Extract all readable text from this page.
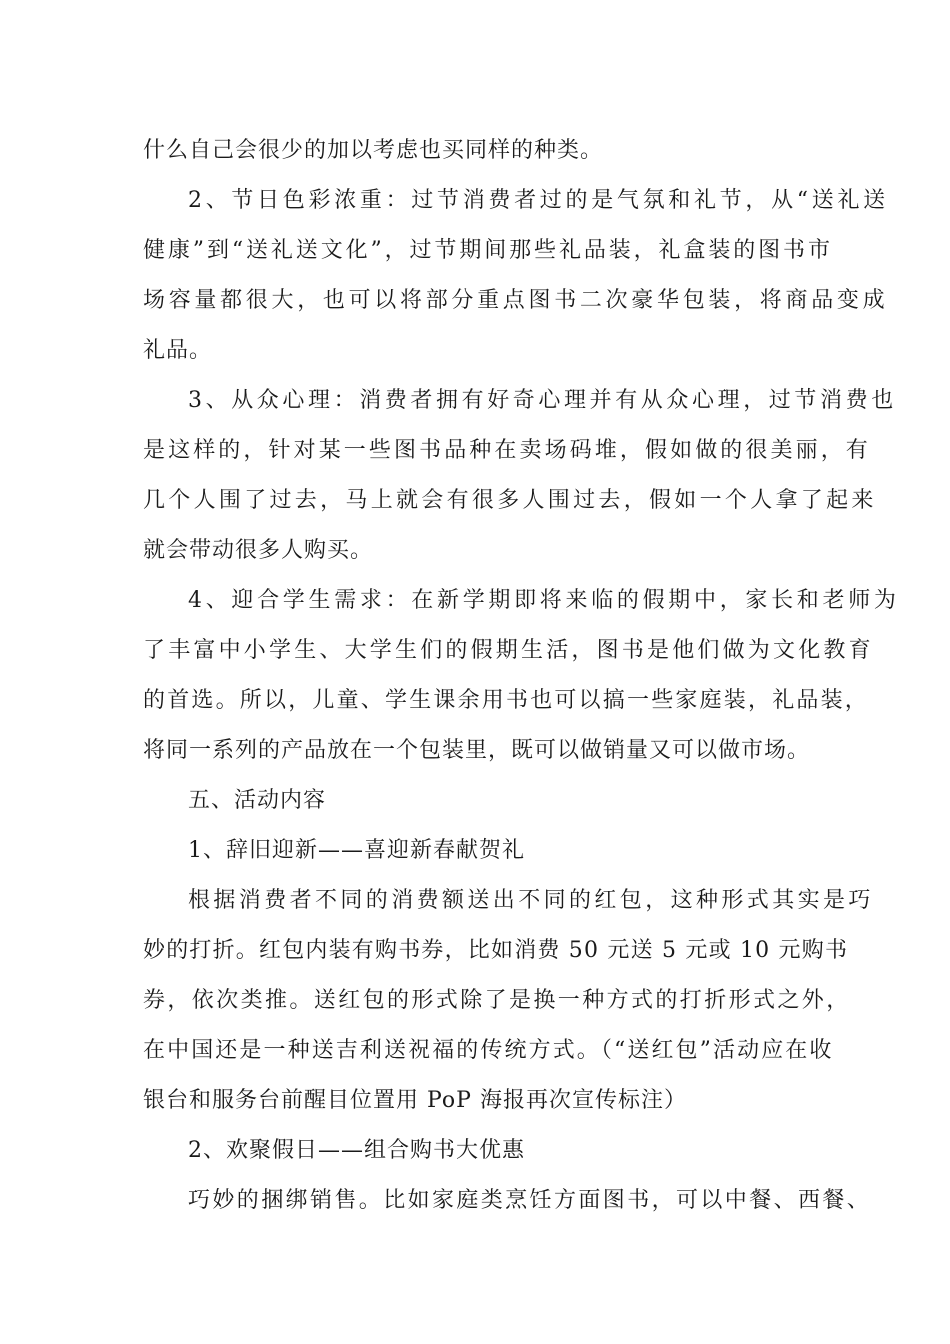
什么自己会很少的加以考虑也买同样的种类。

2、节日色彩浓重：过节消费者过的是气氛和礼节，从“送礼送

健康”到“送礼送文化”，过节期间那些礼品装，礼盒装的图书市

场容量都很大，也可以将部分重点图书二次豪华包装，将商品变成

礼品。

3、从众心理：消费者拥有好奇心理并有从众心理，过节消费也

是这样的，针对某一些图书品种在卖场码堆，假如做的很美丽，有

几个人围了过去，马上就会有很多人围过去，假如一个人拿了起来

就会带动很多人购买。

4、迎合学生需求：在新学期即将来临的假期中，家长和老师为

了丰富中小学生、大学生们的假期生活，图书是他们做为文化教育

的首选。所以，儿童、学生课余用书也可以搞一些家庭装，礼品装，

将同一系列的产品放在一个包装里，既可以做销量又可以做市场。

五、活动内容

1、辞旧迎新——喜迎新春献贺礼

根据消费者不同的消费额送出不同的红包，这种形式其实是巧

妙的打折。红包内装有购书券，比如消费 50 元送 5 元或 10 元购书

券，依次类推。送红包的形式除了是换一种方式的打折形式之外，

在中国还是一种送吉利送祝福的传统方式。（“送红包”活动应在收

银台和服务台前醒目位置用 PoP 海报再次宣传标注）

2、欢聚假日——组合购书大优惠

巧妙的捆绑销售。比如家庭类烹饪方面图书，可以中餐、西餐、
